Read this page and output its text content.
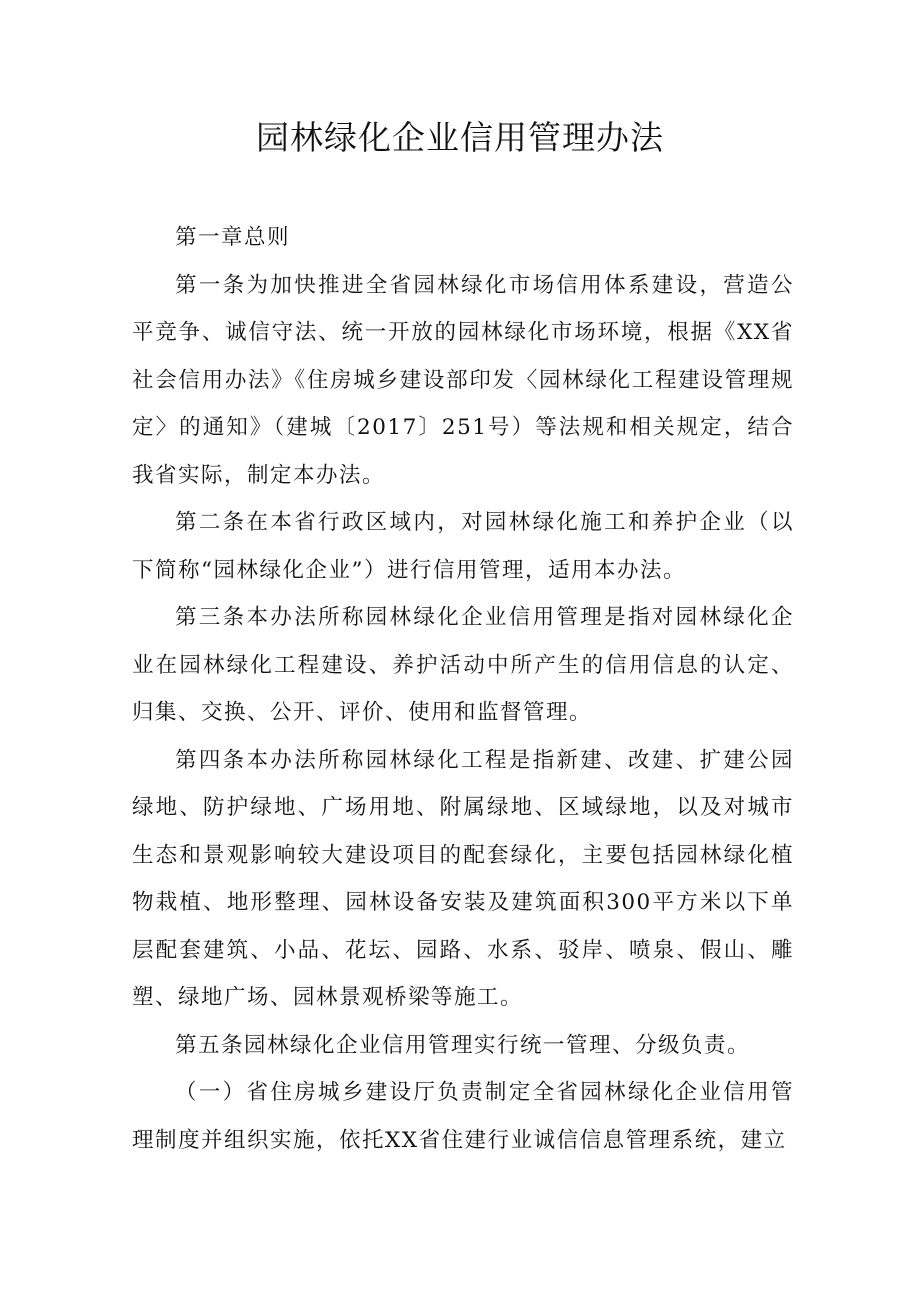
园林绿化企业信用管理办法

第一章总则

第一条为加快推进全省园林绿化市场信用体系建设，营造公平竞争、诚信守法、统一开放的园林绿化市场环境，根据《XX省社会信用办法》《住房城乡建设部印发〈园林绿化工程建设管理规定〉的通知》（建城〔2017〕251号）等法规和相关规定，结合我省实际，制定本办法。

第二条在本省行政区域内，对园林绿化施工和养护企业（以下简称“园林绿化企业”）进行信用管理，适用本办法。

第三条本办法所称园林绿化企业信用管理是指对园林绿化企业在园林绿化工程建设、养护活动中所产生的信用信息的认定、归集、交换、公开、评价、使用和监督管理。

第四条本办法所称园林绿化工程是指新建、改建、扩建公园绿地、防护绿地、广场用地、附属绿地、区域绿地，以及对城市生态和景观影响较大建设项目的配套绿化，主要包括园林绿化植物栽植、地形整理、园林设备安装及建筑面积300平方米以下单层配套建筑、小品、花坛、园路、水系、驳岸、喷泉、假山、雕塑、绿地广场、园林景观桥梁等施工。

第五条园林绿化企业信用管理实行统一管理、分级负责。

（一）省住房城乡建设厅负责制定全省园林绿化企业信用管理制度并组织实施，依托XX省住建行业诚信信息管理系统，建立
